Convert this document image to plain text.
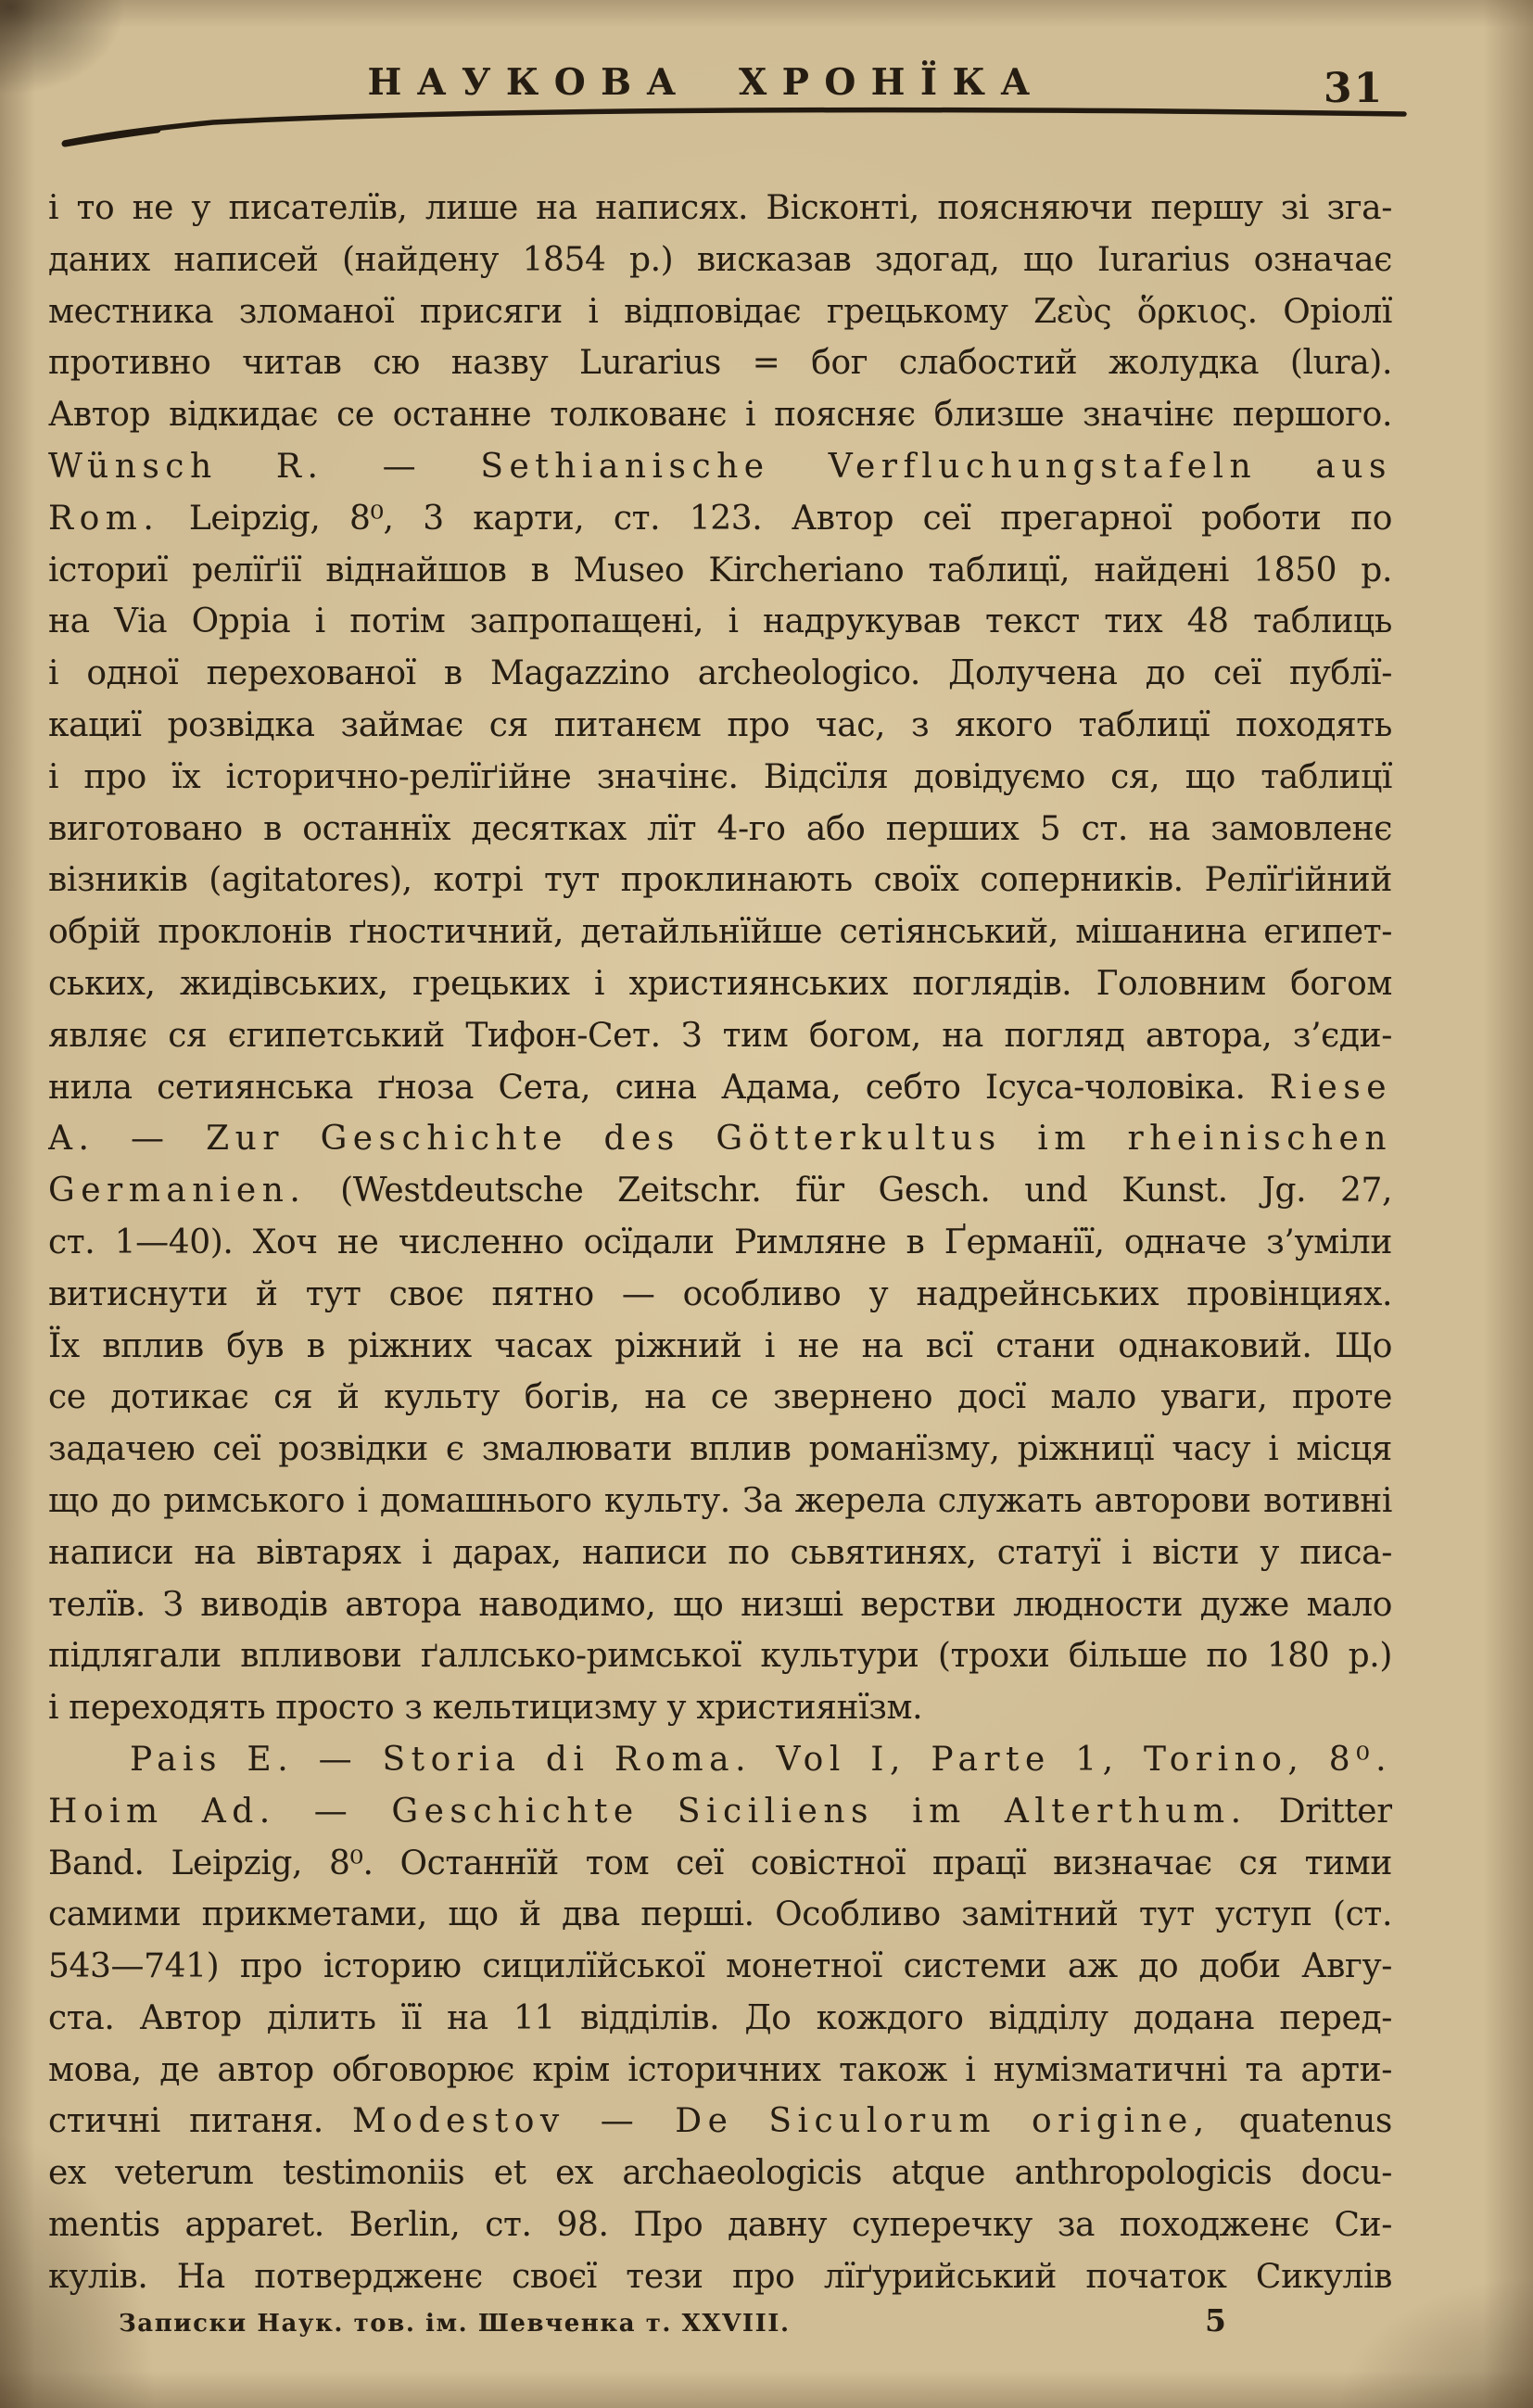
НАУКОВА ХРОНЇКА	31
і то не у писателїв, лише на написях. Вісконті, поясняючи першу зі зга-
даних написей (найдену 1854 р.) висказав здогад, що Iurarius означає
местника зломаної присяги і відповідає грецькому Ζεὺς ὅρκιος. Оріолї
противно читав сю назву Lurarius = бог слабостий жолудка (lura).
Автор відкидає се останне толкованє і поясняє близше значінє першого.
Wünsch R. — Sethianische Verfluchungstafeln aus
Rom. Leipzig, 8⁰, 3 карти, ст. 123. Автор сеї прегарної роботи по
істориї релїґії віднайшов в Museo Kircheriano таблицї, найдені 1850 р.
на Via Oppia і потім запропащені, і надрукував текст тих 48 таблиць
і одної перехованої в Magazzino archeologico. Долучена до сеї публї-
кациї розвідка займає ся питанєм про час, з якого таблицї походять
і про їх історично-релїґійне значінє. Відсїля довідуємо ся, що таблицї
виготовано в останнїх десятках лїт 4-го або перших 5 ст. на замовленє
візників (agitatores), котрі тут проклинають своїх соперників. Релїґійний
обрій проклонів ґностичний, детайльнїйше сетіянський, мішанина египет-
ських, жидівських, грецьких і християнських поглядів. Головним богом
являє ся єгипетський Тифон-Сет. З тим богом, на погляд автора, з’єди-
нила сетиянська ґноза Сета, сина Адама, себто Ісуса-чоловіка. Riese
A. — Zur Geschichte des Götterkultus im rheinischen
Germanien. (Westdeutsche Zeitschr. für Gesch. und Kunst. Jg. 27,
ст. 1—40). Хоч не численно осїдали Римляне в Ґерманїї, одначе з’уміли
витиснути й тут своє пятно — особливо у надрейнських провінциях.
Їх вплив був в ріжних часах ріжний і не на всї стани однаковий. Що
се дотикає ся й культу богів, на се звернено досї мало уваги, проте
задачею сеї розвідки є змалювати вплив романїзму, ріжницї часу і місця
що до римського і домашнього культу. За жерела служать авторови вотивні
написи на вівтарях і дарах, написи по сьвятинях, статуї і вісти у писа-
телїв. З виводів автора наводимо, що низші верстви людности дуже мало
підлягали впливови ґаллсько-римської культури (трохи більше по 180 р.)
і переходять просто з кельтицизму у християнїзм.
Pais E. — Storia di Roma. Vol I, Parte 1, Torino, 8⁰.
Hoim Ad. — Geschichte Siciliens im Alterthum. Dritter
Band. Leipzig, 8⁰. Останнїй том сеї совістної працї визначає ся тими
самими прикметами, що й два перші. Особливо замітний тут уступ (ст.
543—741) про історию сицилїйської монетної системи аж до доби Авгу-
ста. Автор ділить її на 11 відділів. До кождого відділу додана перед-
мова, де автор обговорює крім історичних також і нумізматичні та арти-
стичні питаня. Modestov — De Siculorum origine, quatenus
ex veterum testimoniis et ex archaeologicis atque anthropologicis docu-
mentis apparet. Berlin, ст. 98. Про давну суперечку за походженє Си-
кулів. На потвердженє своєї тези про лїґурийський початок Сикулів
Записки Наук. тов. ім. Шевченка т. XXVIII.	5
